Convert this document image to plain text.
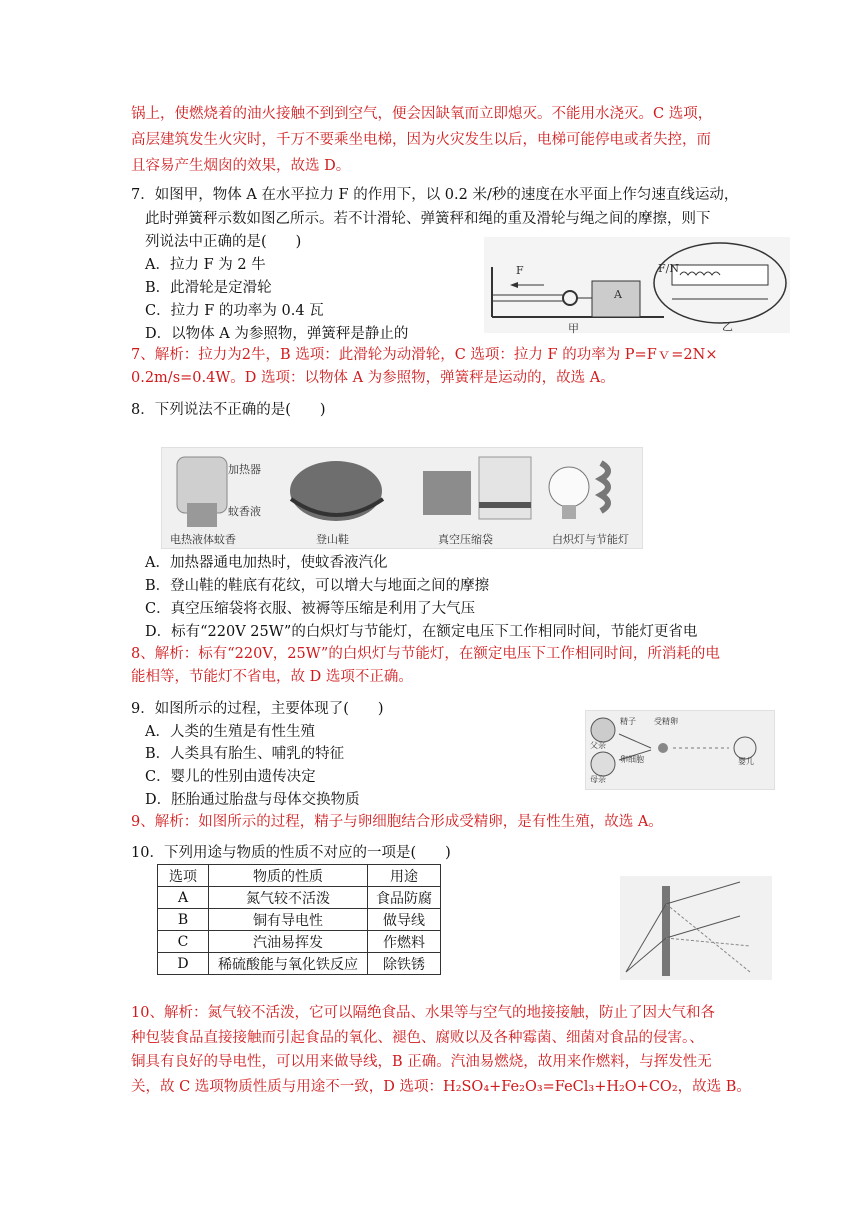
锅上，使燃烧着的油火接触不到到空气，便会因缺氧而立即熄灭。不能用水浇灭。C 选项，
高层建筑发生火灾时，千万不要乘坐电梯，因为火灾发生以后，电梯可能停电或者失控，而
且容易产生烟囱的效果，故选 D。
7．如图甲，物体 A 在水平拉力 F 的作用下，以 0.2 米/秒的速度在水平面上作匀速直线运动，
此时弹簧秤示数如图乙所示。若不计滑轮、弹簧秤和绳的重及滑轮与绳之间的摩擦，则下
列说法中正确的是(　　)
A．拉力 F 为 2 牛
B．此滑轮是定滑轮
C．拉力 F 的功率为 0.4 瓦
D．以物体 A 为参照物，弹簧秤是静止的
F
A
甲	乙
F/N
7、解析：拉力为2牛，B 选项：此滑轮为动滑轮，C 选项：拉力 F 的功率为 P=Fｖ=2N×
0.2m/s=0.4W。D 选项：以物体 A 为参照物，弹簧秤是运动的，故选 A。
8．下列说法不正确的是(　　)
加热器
蚊香液
电热液体蚊香	登山鞋	真空压缩袋	白炽灯与节能灯
A．加热器通电加热时，使蚊香液汽化
B．登山鞋的鞋底有花纹，可以增大与地面之间的摩擦
C．真空压缩袋将衣服、被褥等压缩是利用了大气压
D．标有“220V 25W”的白炽灯与节能灯，在额定电压下工作相同时间，节能灯更省电
8、解析：标有“220V，25W”的白炽灯与节能灯，在额定电压下工作相同时间，所消耗的电
能相等，节能灯不省电，故 D 选项不正确。
9．如图所示的过程，主要体现了(　　)
A．人类的生殖是有性生殖
B．人类具有胎生、哺乳的特征
C．婴儿的性别由遗传决定
D．胚胎通过胎盘与母体交换物质
精子 受精卵
卵细胞
父亲
母亲
婴儿
9、解析：如图所示的过程，精子与卵细胞结合形成受精卵，是有性生殖，故选 A。
10．下列用途与物质的性质不对应的一项是(　　)
选项	物质的性质	用途
A	氮气较不活泼	食品防腐
B	铜有导电性	做导线
C	汽油易挥发	作燃料
D	稀硫酸能与氧化铁反应	除铁锈
10、解析：氮气较不活泼，它可以隔绝食品、水果等与空气的地接接触，防止了因大气和各
种包装食品直接接触而引起食品的氧化、褪色、腐败以及各种霉菌、细菌对食品的侵害。、
铜具有良好的导电性，可以用来做导线，B 正确。汽油易燃烧，故用来作燃料，与挥发性无
关，故 C 选项物质性质与用途不一致，D 选项：H₂SO₄+Fe₂O₃=FeCl₃+H₂O+CO₂，故选 B。
